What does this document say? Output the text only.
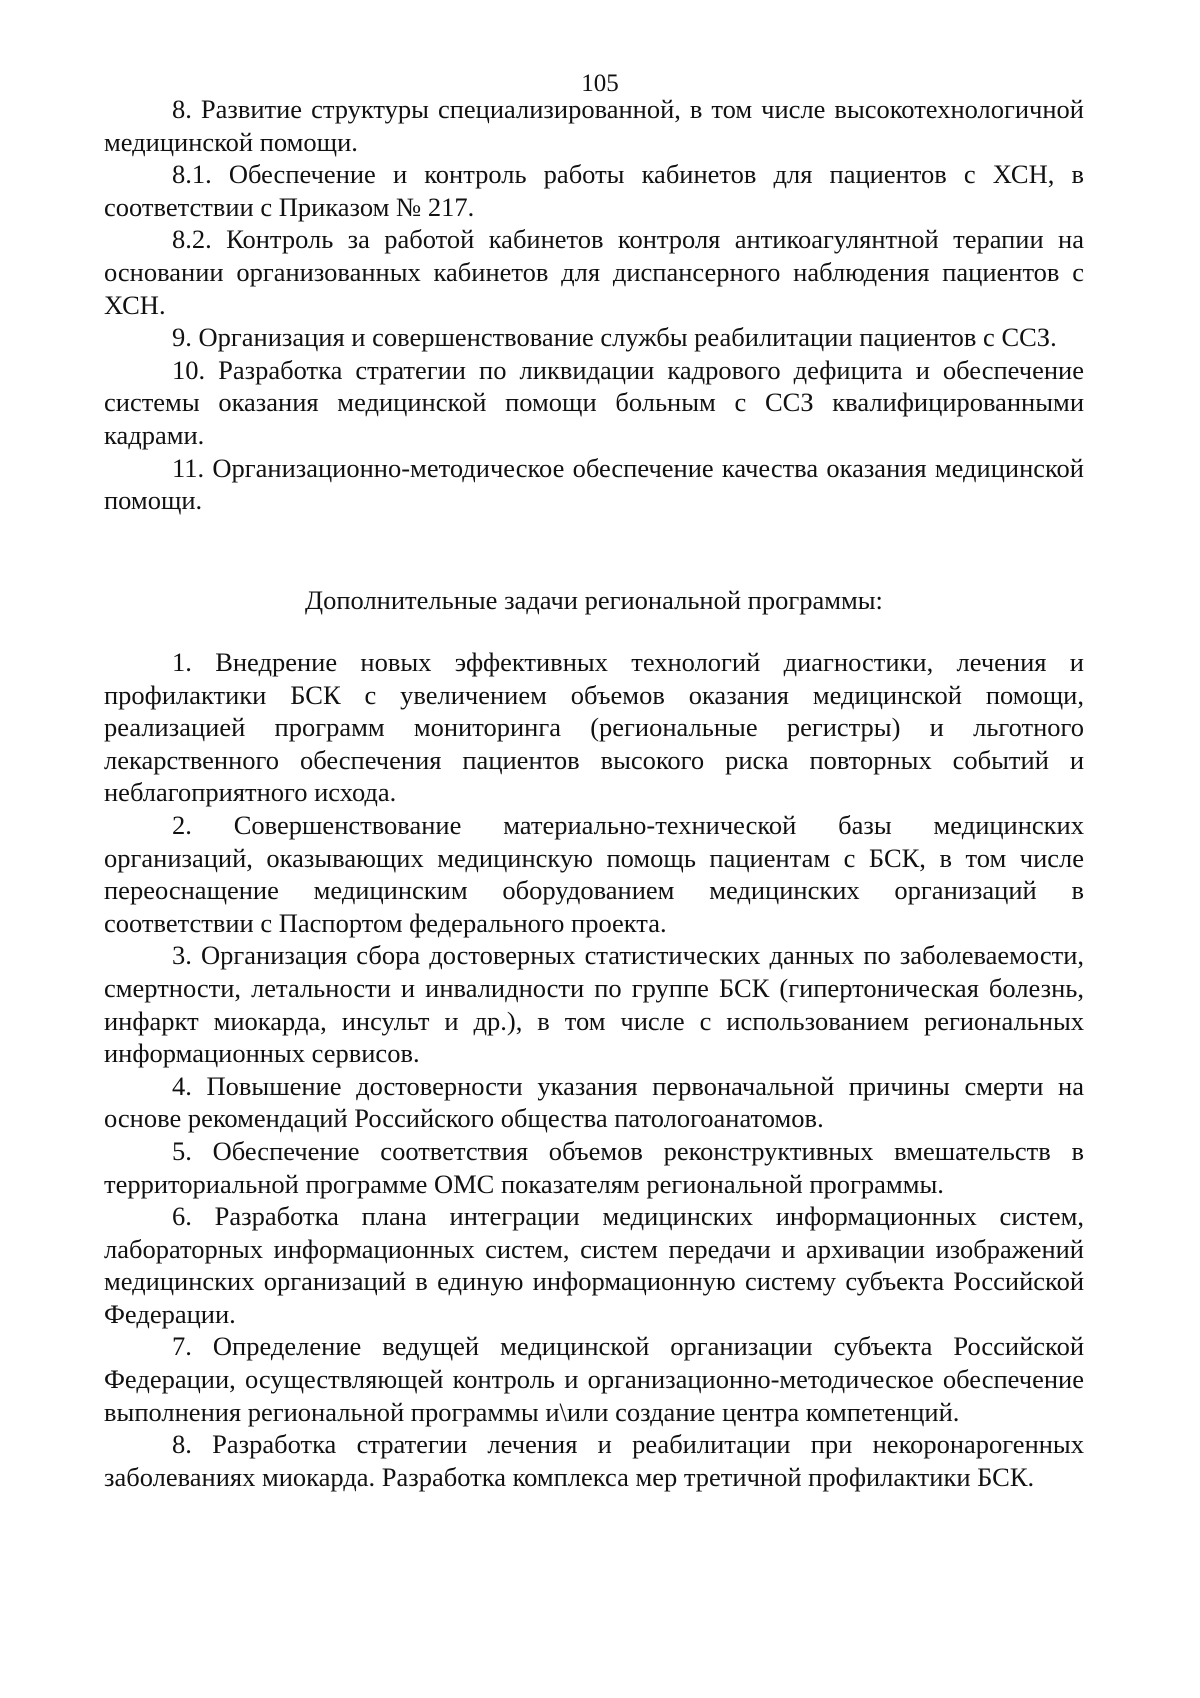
105

8. Развитие структуры специализированной, в том числе высокотехнологичной медицинской помощи.

8.1. Обеспечение и контроль работы кабинетов для пациентов с ХСН, в соответствии с Приказом № 217.

8.2. Контроль за работой кабинетов контроля антикоагулянтной терапии на основании организованных кабинетов для диспансерного наблюдения пациентов с ХСН.

9. Организация и совершенствование службы реабилитации пациентов с ССЗ.

10. Разработка стратегии по ликвидации кадрового дефицита и обеспечение системы оказания медицинской помощи больным с ССЗ квалифицированными кадрами.

11. Организационно-методическое обеспечение качества оказания медицинской помощи.

Дополнительные задачи региональной программы:

1. Внедрение новых эффективных технологий диагностики, лечения и профилактики БСК с увеличением объемов оказания медицинской помощи, реализацией программ мониторинга (региональные регистры) и льготного лекарственного обеспечения пациентов высокого риска повторных событий и неблагоприятного исхода.

2. Совершенствование материально-технической базы медицинских организаций, оказывающих медицинскую помощь пациентам с БСК, в том числе переоснащение медицинским оборудованием медицинских организаций в соответствии с Паспортом федерального проекта.

3. Организация сбора достоверных статистических данных по заболеваемости, смертности, летальности и инвалидности по группе БСК (гипертоническая болезнь, инфаркт миокарда, инсульт и др.), в том числе с использованием региональных информационных сервисов.

4. Повышение достоверности указания первоначальной причины смерти на основе рекомендаций Российского общества патологоанатомов.

5. Обеспечение соответствия объемов реконструктивных вмешательств в территориальной программе ОМС показателям региональной программы.

6. Разработка плана интеграции медицинских информационных систем, лабораторных информационных систем, систем передачи и архивации изображений медицинских организаций в единую информационную систему субъекта Российской Федерации.

7. Определение ведущей медицинской организации субъекта Российской Федерации, осуществляющей контроль и организационно-методическое обеспечение выполнения региональной программы и\или создание центра компетенций.

8. Разработка стратегии лечения и реабилитации при некоронарогенных заболеваниях миокарда. Разработка комплекса мер третичной профилактики БСК.
